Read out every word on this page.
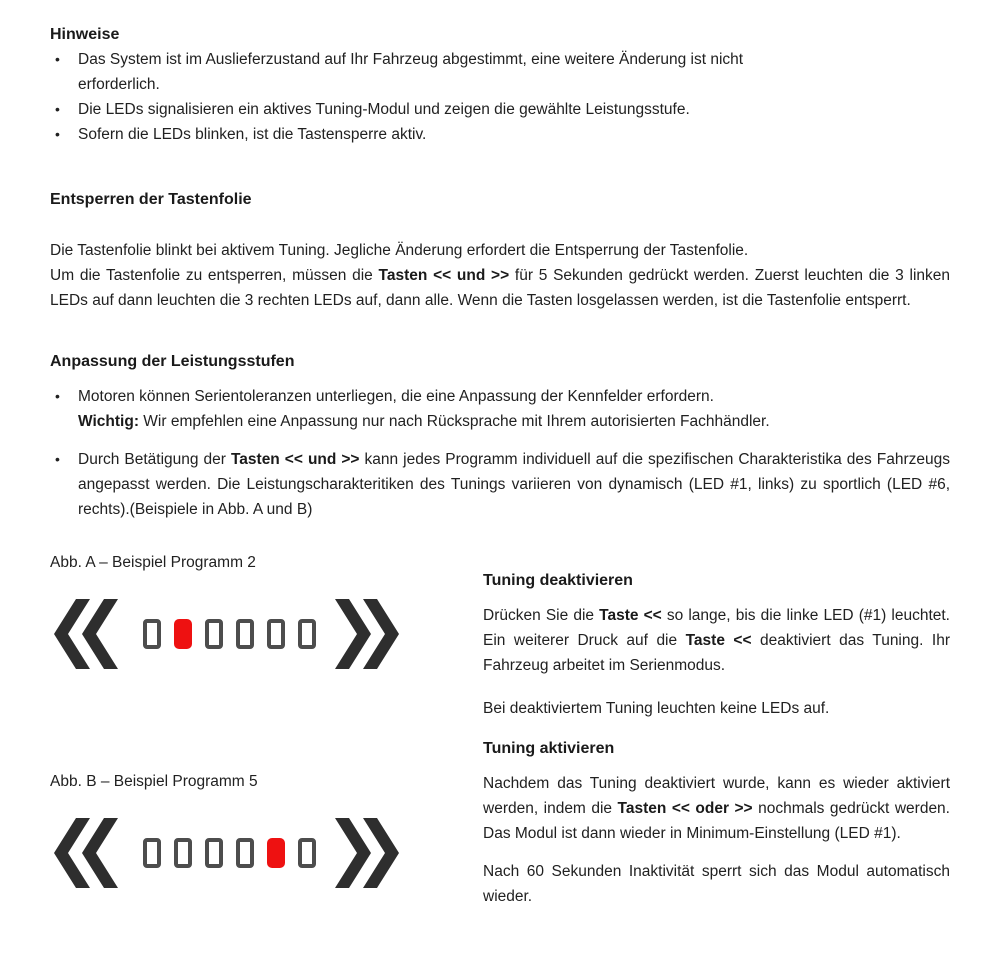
Hinweise
•	Das System ist im Auslieferzustand auf Ihr Fahrzeug abgestimmt, eine weitere Änderung ist nicht
erforderlich.
•	Die LEDs signalisieren ein aktives Tuning-Modul und zeigen die gewählte Leistungsstufe.
•	Sofern die LEDs blinken, ist die Tastensperre aktiv.
Entsperren der Tastenfolie

Die Tastenfolie blinkt bei aktivem Tuning. Jegliche Änderung erfordert die Entsperrung der Tastenfolie.

Um die Tastenfolie zu entsperren, müssen die Tasten << und >> für 5 Sekunden gedrückt werden. Zuerst leuchten die 3 linken LEDs auf dann leuchten die 3 rechten LEDs auf, dann alle. Wenn die Tasten losgelassen werden, ist die Tastenfolie entsperrt.

Anpassung der Leistungsstufen
•	Motoren können Serientoleranzen unterliegen, die eine Anpassung der Kennfelder erfordern.
Wichtig: Wir empfehlen eine Anpassung nur nach Rücksprache mit Ihrem autorisierten Fachhändler.
•	Durch Betätigung der Tasten << und >> kann jedes Programm individuell auf die spezifischen Charakteristika des Fahrzeugs angepasst werden. Die Leistungscharakteritiken des Tunings variieren von dynamisch (LED #1, links) zu sportlich (LED #6, rechts).(Beispiele in Abb. A und B)
Abb. A – Beispiel Programm 2
Abb. B – Beispiel Programm 5
Tuning deaktivieren

Drücken Sie die Taste << so lange, bis die linke LED (#1) leuchtet. Ein weiterer Druck auf die Taste << deaktiviert das Tuning. Ihr Fahrzeug arbeitet im Serienmodus.

Bei deaktiviertem Tuning leuchten keine LEDs auf.

Tuning aktivieren

Nachdem das Tuning deaktiviert wurde, kann es wieder aktiviert werden, indem die Tasten << oder >> nochmals gedrückt werden. Das Modul ist dann wieder in Minimum-Einstellung (LED #1).

Nach 60 Sekunden Inaktivität sperrt sich das Modul automatisch wieder.
